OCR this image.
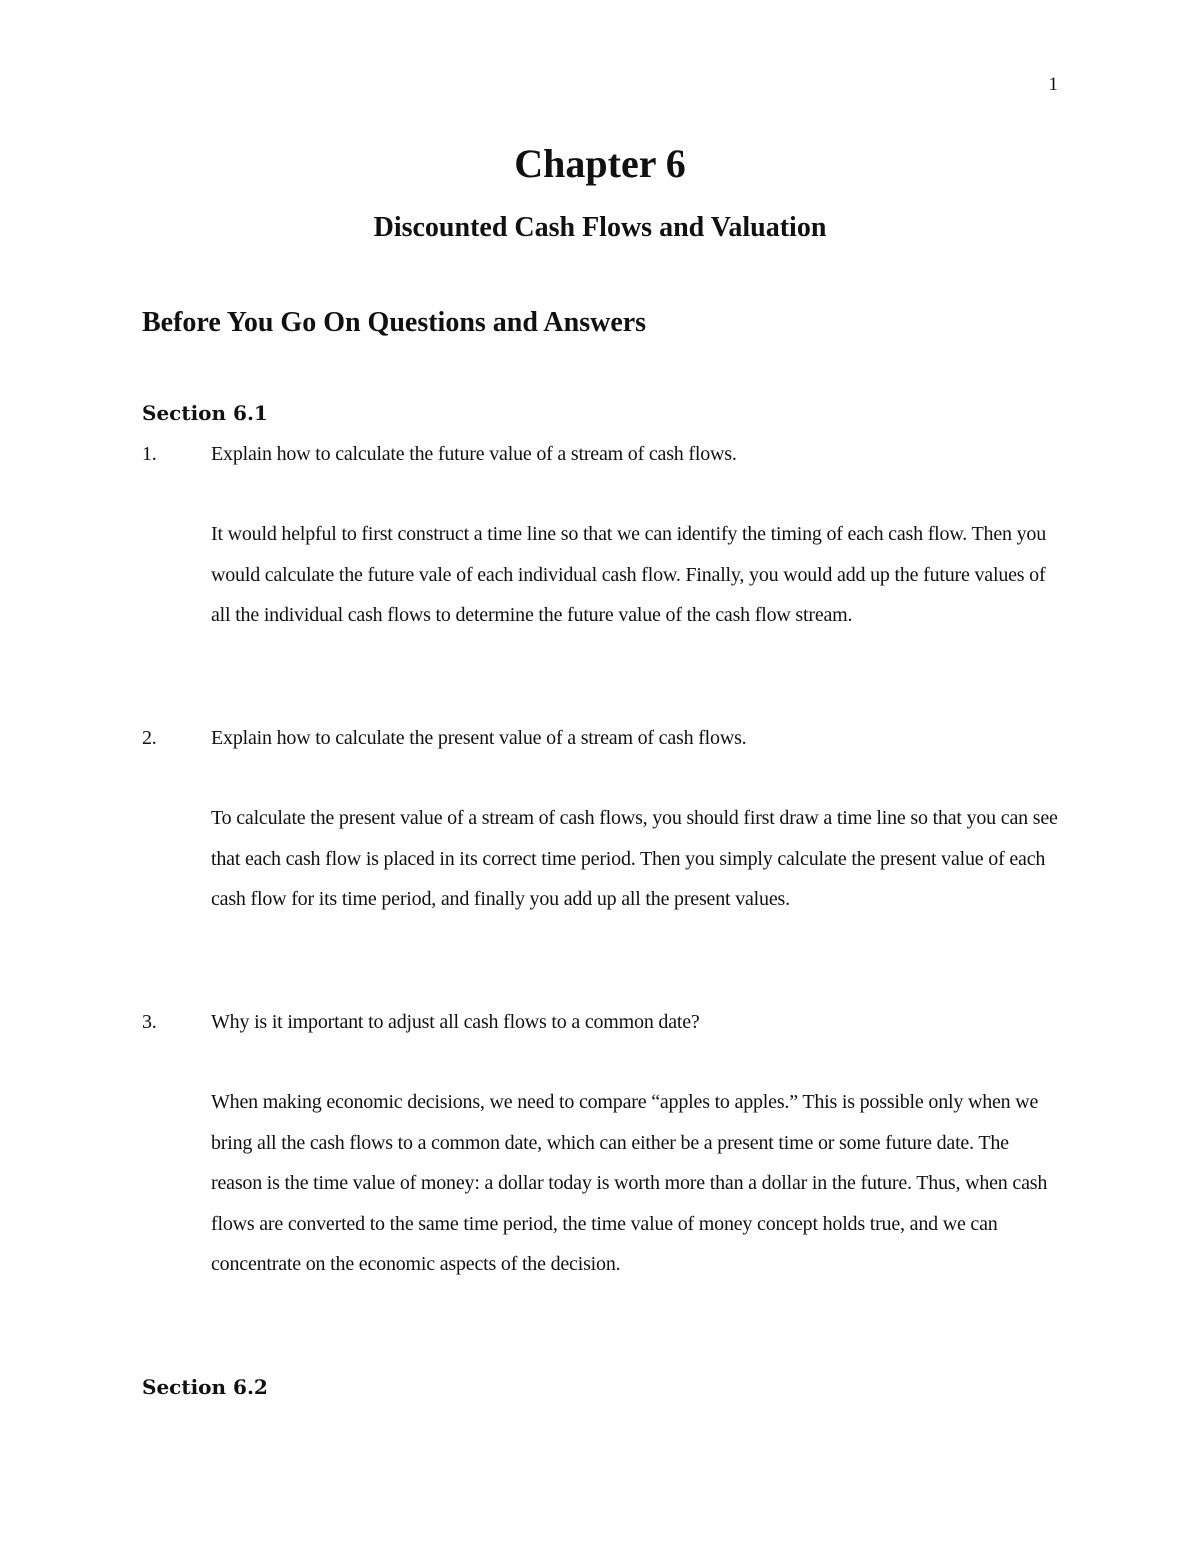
1
Chapter 6
Discounted Cash Flows and Valuation
Before You Go On Questions and Answers
Section 6.1
1.	Explain how to calculate the future value of a stream of cash flows.

It would helpful to first construct a time line so that we can identify the timing of each cash flow. Then you would calculate the future vale of each individual cash flow. Finally, you would add up the future values of all the individual cash flows to determine the future value of the cash flow stream.

2.	Explain how to calculate the present value of a stream of cash flows.

To calculate the present value of a stream of cash flows, you should first draw a time line so that you can see that each cash flow is placed in its correct time period. Then you simply calculate the present value of each cash flow for its time period, and finally you add up all the present values.

3.	Why is it important to adjust all cash flows to a common date?

When making economic decisions, we need to compare “apples to apples.” This is possible only when we bring all the cash flows to a common date, which can either be a present time or some future date. The reason is the time value of money: a dollar today is worth more than a dollar in the future. Thus, when cash flows are converted to the same time period, the time value of money concept holds true, and we can concentrate on the economic aspects of the decision.

Section 6.2
